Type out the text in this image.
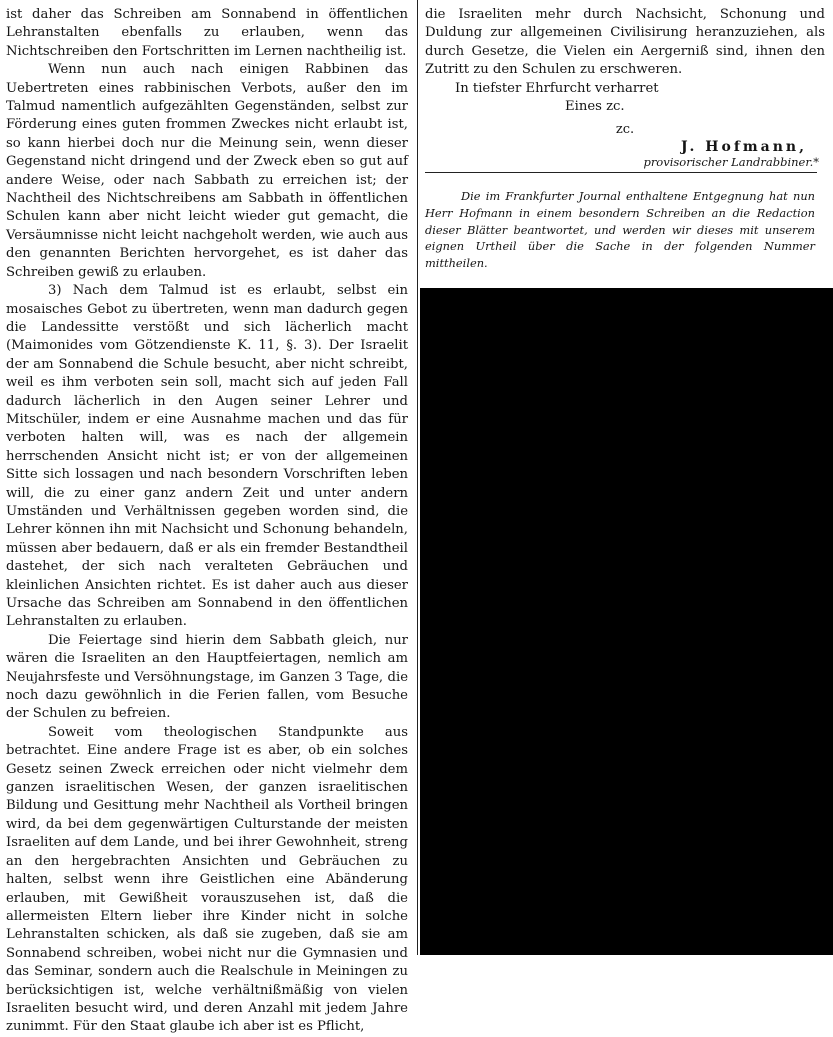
ist daher das Schreiben am Sonnabend in öffentlichen Lehranstalten ebenfalls zu erlauben, wenn das Nichtschreiben den Fortschritten im Lernen nachtheilig ist.

Wenn nun auch nach einigen Rabbinen das Uebertreten eines rabbinischen Verbots, außer den im Talmud namentlich aufgezählten Gegenständen, selbst zur Förderung eines guten frommen Zweckes nicht erlaubt ist, so kann hierbei doch nur die Meinung sein, wenn dieser Gegenstand nicht dringend und der Zweck eben so gut auf andere Weise, oder nach Sabbath zu erreichen ist; der Nachtheil des Nichtschreibens am Sabbath in öffentlichen Schulen kann aber nicht leicht wieder gut gemacht, die Versäumnisse nicht leicht nachgeholt werden, wie auch aus den genannten Berichten hervorgehet, es ist daher das Schreiben gewiß zu erlauben.

3) Nach dem Talmud ist es erlaubt, selbst ein mosaisches Gebot zu übertreten, wenn man dadurch gegen die Landessitte verstößt und sich lächerlich macht (Maimonides vom Götzendienste K. 11, §. 3). Der Israelit der am Sonnabend die Schule besucht, aber nicht schreibt, weil es ihm verboten sein soll, macht sich auf jeden Fall dadurch lächerlich in den Augen seiner Lehrer und Mitschüler, indem er eine Ausnahme machen und das für verboten halten will, was es nach der allgemein herrschenden Ansicht nicht ist; er von der allgemeinen Sitte sich lossagen und nach besondern Vorschriften leben will, die zu einer ganz andern Zeit und unter andern Umständen und Verhältnissen gegeben worden sind, die Lehrer können ihn mit Nachsicht und Schonung behandeln, müssen aber bedauern, daß er als ein fremder Bestandtheil dastehet, der sich nach veralteten Gebräuchen und kleinlichen Ansichten richtet. Es ist daher auch aus dieser Ursache das Schreiben am Sonnabend in den öffentlichen Lehranstalten zu erlauben.

Die Feiertage sind hierin dem Sabbath gleich, nur wären die Israeliten an den Hauptfeiertagen, nemlich am Neujahrsfeste und Versöhnungstage, im Ganzen 3 Tage, die noch dazu gewöhnlich in die Ferien fallen, vom Besuche der Schulen zu befreien.

Soweit vom theologischen Standpunkte aus betrachtet. Eine andere Frage ist es aber, ob ein solches Gesetz seinen Zweck erreichen oder nicht vielmehr dem ganzen israelitischen Wesen, der ganzen israelitischen Bildung und Gesittung mehr Nachtheil als Vortheil bringen wird, da bei dem gegenwärtigen Culturstande der meisten Israeliten auf dem Lande, und bei ihrer Gewohnheit, streng an den hergebrachten Ansichten und Gebräuchen zu halten, selbst wenn ihre Geistlichen eine Abänderung erlauben, mit Gewißheit vorauszusehen ist, daß die allermeisten Eltern lieber ihre Kinder nicht in solche Lehranstalten schicken, als daß sie zugeben, daß sie am Sonnabend schreiben, wobei nicht nur die Gymnasien und das Seminar, sondern auch die Realschule in Meiningen zu berücksichtigen ist, welche verhältnißmäßig von vielen Israeliten besucht wird, und deren Anzahl mit jedem Jahre zunimmt. Für den Staat glaube ich aber ist es Pflicht,

die Israeliten mehr durch Nachsicht, Schonung und Duldung zur allgemeinen Civilisirung heranzuziehen, als durch Gesetze, die Vielen ein Aergerniß sind, ihnen den Zutritt zu den Schulen zu erschweren.

In tiefster Ehrfurcht verharret

Eines zc.

zc.
J. Hofmann,
provisorischer Landrabbiner.*

Die im Frankfurter Journal enthaltene Entgegnung hat nun Herr Hofmann in einem besondern Schreiben an die Redaction dieser Blätter beantwortet, und werden wir dieses mit unserem eignen Urtheil über die Sache in der folgenden Nummer mittheilen.
